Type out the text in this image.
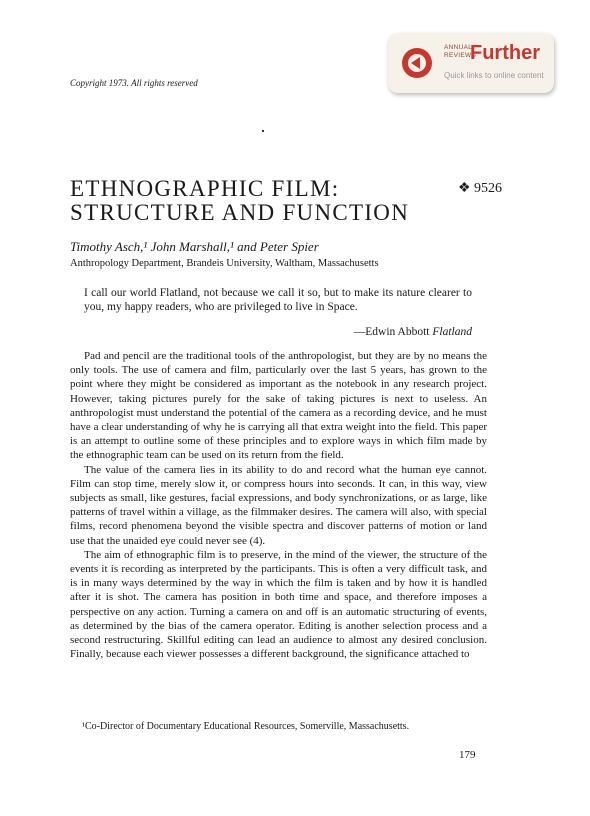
Copyright 1973. All rights reserved
ANNUAL
REVIEWS
Further
Quick links to online content
ETHNOGRAPHIC FILM:
STRUCTURE AND FUNCTION
❖ 9526
Timothy Asch,¹ John Marshall,¹ and Peter Spier
Anthropology Department, Brandeis University, Waltham, Massachusetts
I call our world Flatland, not because we call it so, but to make its nature clearer to you, my happy readers, who are privileged to live in Space.
—Edwin Abbott Flatland

Pad and pencil are the traditional tools of the anthropologist, but they are by no means the only tools. The use of camera and film, particularly over the last 5 years, has grown to the point where they might be considered as important as the notebook in any research project. However, taking pictures purely for the sake of taking pictures is next to useless. An anthropologist must understand the potential of the camera as a recording device, and he must have a clear understanding of why he is carrying all that extra weight into the field. This paper is an attempt to outline some of these principles and to explore ways in which film made by the ethnographic team can be used on its return from the field.

The value of the camera lies in its ability to do and record what the human eye cannot. Film can stop time, merely slow it, or compress hours into seconds. It can, in this way, view subjects as small, like gestures, facial expressions, and body synchronizations, or as large, like patterns of travel within a village, as the filmmaker desires. The camera will also, with special films, record phenomena beyond the visible spectra and discover patterns of motion or land use that the unaided eye could never see (4).

The aim of ethnographic film is to preserve, in the mind of the viewer, the structure of the events it is recording as interpreted by the participants. This is often a very difficult task, and is in many ways determined by the way in which the film is taken and by how it is handled after it is shot. The camera has position in both time and space, and therefore imposes a perspective on any action. Turning a camera on and off is an automatic structuring of events, as determined by the bias of the camera operator. Editing is another selection process and a second restructuring. Skillful editing can lead an audience to almost any desired conclusion. Finally, because each viewer possesses a different background, the significance attached to

¹Co-Director of Documentary Educational Resources, Somerville, Massachusetts.
179
